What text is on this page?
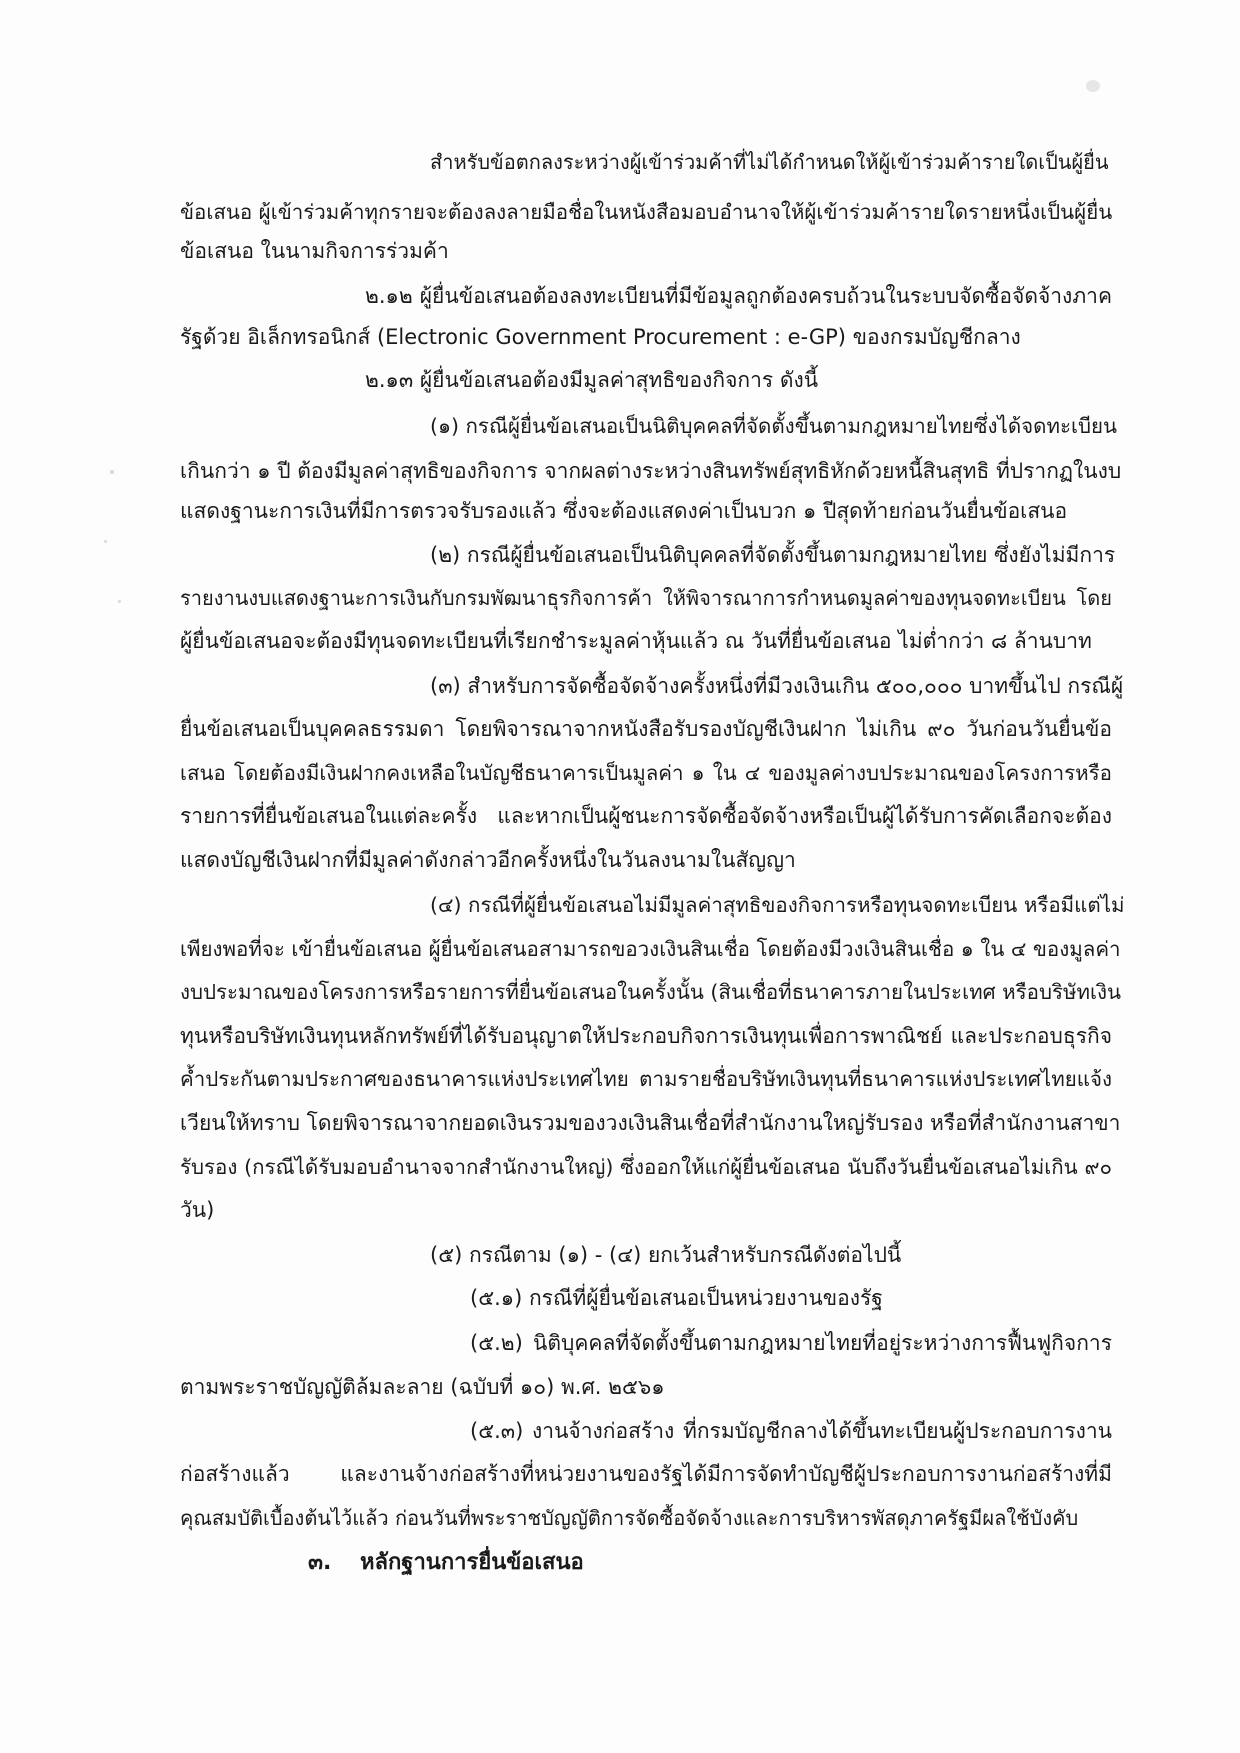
สำหรับข้อตกลงระหว่างผู้เข้าร่วมค้าที่ไม่ได้กำหนดให้ผู้เข้าร่วมค้ารายใดเป็นผู้ยื่น
ข้อเสนอ ผู้เข้าร่วมค้าทุกรายจะต้องลงลายมือชื่อในหนังสือมอบอำนาจให้ผู้เข้าร่วมค้ารายใดรายหนึ่งเป็นผู้ยื่น
ข้อเสนอ ในนามกิจการร่วมค้า
๒.๑๒ ผู้ยื่นข้อเสนอต้องลงทะเบียนที่มีข้อมูลถูกต้องครบถ้วนในระบบจัดซื้อจัดจ้างภาค
รัฐด้วย อิเล็กทรอนิกส์ (Electronic Government Procurement : e-GP) ของกรมบัญชีกลาง
๒.๑๓ ผู้ยื่นข้อเสนอต้องมีมูลค่าสุทธิของกิจการ ดังนี้
(๑) กรณีผู้ยื่นข้อเสนอเป็นนิติบุคคลที่จัดตั้งขึ้นตามกฎหมายไทยซึ่งได้จดทะเบียน
เกินกว่า ๑ ปี ต้องมีมูลค่าสุทธิของกิจการ จากผลต่างระหว่างสินทรัพย์สุทธิหักด้วยหนี้สินสุทธิ ที่ปรากฏในงบ
แสดงฐานะการเงินที่มีการตรวจรับรองแล้ว ซึ่งจะต้องแสดงค่าเป็นบวก ๑ ปีสุดท้ายก่อนวันยื่นข้อเสนอ
(๒) กรณีผู้ยื่นข้อเสนอเป็นนิติบุคคลที่จัดตั้งขึ้นตามกฎหมายไทย ซึ่งยังไม่มีการ
รายงานงบแสดงฐานะการเงินกับกรมพัฒนาธุรกิจการค้า ให้พิจารณาการกำหนดมูลค่าของทุนจดทะเบียน โดย
ผู้ยื่นข้อเสนอจะต้องมีทุนจดทะเบียนที่เรียกชำระมูลค่าหุ้นแล้ว ณ วันที่ยื่นข้อเสนอ ไม่ต่ำกว่า ๘ ล้านบาท
(๓) สำหรับการจัดซื้อจัดจ้างครั้งหนึ่งที่มีวงเงินเกิน ๕๐๐,๐๐๐ บาทขึ้นไป กรณีผู้
ยื่นข้อเสนอเป็นบุคคลธรรมดา โดยพิจารณาจากหนังสือรับรองบัญชีเงินฝาก ไม่เกิน ๙๐ วันก่อนวันยื่นข้อ
เสนอ โดยต้องมีเงินฝากคงเหลือในบัญชีธนาคารเป็นมูลค่า ๑ ใน ๔ ของมูลค่างบประมาณของโครงการหรือ
รายการที่ยื่นข้อเสนอในแต่ละครั้ง และหากเป็นผู้ชนะการจัดซื้อจัดจ้างหรือเป็นผู้ได้รับการคัดเลือกจะต้อง
แสดงบัญชีเงินฝากที่มีมูลค่าดังกล่าวอีกครั้งหนึ่งในวันลงนามในสัญญา
(๔) กรณีที่ผู้ยื่นข้อเสนอไม่มีมูลค่าสุทธิของกิจการหรือทุนจดทะเบียน หรือมีแต่ไม่
เพียงพอที่จะ เข้ายื่นข้อเสนอ ผู้ยื่นข้อเสนอสามารถขอวงเงินสินเชื่อ โดยต้องมีวงเงินสินเชื่อ ๑ ใน ๔ ของมูลค่า
งบประมาณของโครงการหรือรายการที่ยื่นข้อเสนอในครั้งนั้น (สินเชื่อที่ธนาคารภายในประเทศ หรือบริษัทเงิน
ทุนหรือบริษัทเงินทุนหลักทรัพย์ที่ได้รับอนุญาตให้ประกอบกิจการเงินทุนเพื่อการพาณิชย์ และประกอบธุรกิจ
ค้ำประกันตามประกาศของธนาคารแห่งประเทศไทย ตามรายชื่อบริษัทเงินทุนที่ธนาคารแห่งประเทศไทยแจ้ง
เวียนให้ทราบ โดยพิจารณาจากยอดเงินรวมของวงเงินสินเชื่อที่สำนักงานใหญ่รับรอง หรือที่สำนักงานสาขา
รับรอง (กรณีได้รับมอบอำนาจจากสำนักงานใหญ่) ซึ่งออกให้แก่ผู้ยื่นข้อเสนอ นับถึงวันยื่นข้อเสนอไม่เกิน ๙๐
วัน)
(๕) กรณีตาม (๑) - (๔) ยกเว้นสำหรับกรณีดังต่อไปนี้
(๕.๑) กรณีที่ผู้ยื่นข้อเสนอเป็นหน่วยงานของรัฐ
(๕.๒) นิติบุคคลที่จัดตั้งขึ้นตามกฎหมายไทยที่อยู่ระหว่างการฟื้นฟูกิจการ
ตามพระราชบัญญัติล้มละลาย (ฉบับที่ ๑๐) พ.ศ. ๒๕๖๑
(๕.๓) งานจ้างก่อสร้าง ที่กรมบัญชีกลางได้ขึ้นทะเบียนผู้ประกอบการงาน
ก่อสร้างแล้ว และงานจ้างก่อสร้างที่หน่วยงานของรัฐได้มีการจัดทำบัญชีผู้ประกอบการงานก่อสร้างที่มี
คุณสมบัติเบื้องต้นไว้แล้ว ก่อนวันที่พระราชบัญญัติการจัดซื้อจัดจ้างและการบริหารพัสดุภาครัฐมีผลใช้บังคับ
๓. หลักฐานการยื่นข้อเสนอ
